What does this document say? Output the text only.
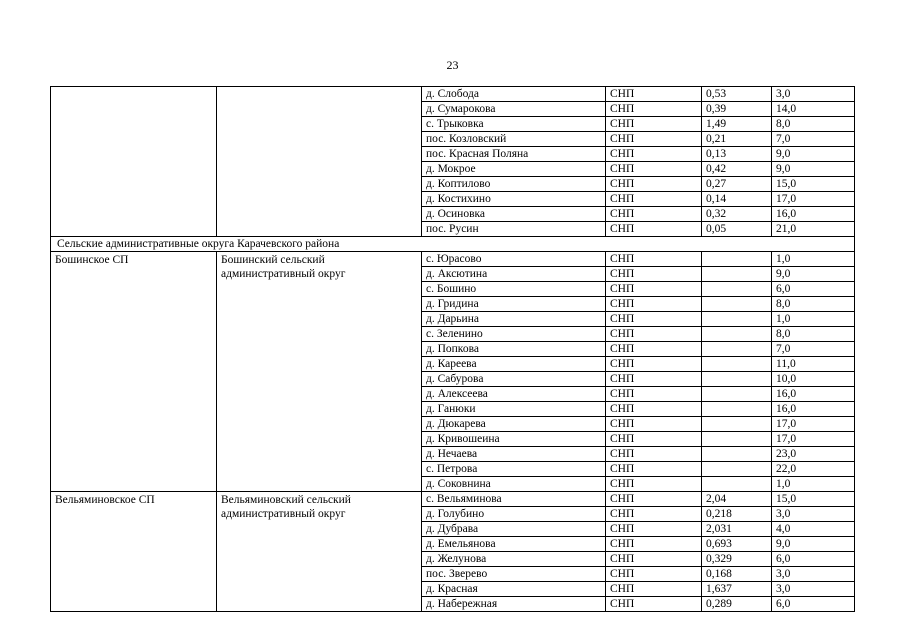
23
		д. Слобода	СНП	0,53	3,0
		д. Сумарокова	СНП	0,39	14,0
		с. Трыковка	СНП	1,49	8,0
		пос. Козловский	СНП	0,21	7,0
		пос. Красная Поляна	СНП	0,13	9,0
		д. Мокрое	СНП	0,42	9,0
		д. Коптилово	СНП	0,27	15,0
		д. Костихино	СНП	0,14	17,0
		д. Осиновка	СНП	0,32	16,0
		пос. Русин	СНП	0,05	21,0
Сельские административные округа Карачевского района					
Бошинское СП	Бошинский сельский административный округ	с. Юрасово	СНП		1,0
		д. Аксютина	СНП		9,0
		с. Бошино	СНП		6,0
		д. Гридина	СНП		8,0
		д. Дарьина	СНП		1,0
		с. Зеленино	СНП		8,0
		д. Попкова	СНП		7,0
		д. Кареева	СНП		11,0
		д. Сабурова	СНП		10,0
		д. Алексеева	СНП		16,0
		д. Ганюки	СНП		16,0
		д. Дюкарева	СНП		17,0
		д. Кривошеина	СНП		17,0
		д. Нечаева	СНП		23,0
		с. Петрова	СНП		22,0
		д. Соковнина	СНП		1,0
Вельяминовское СП	Вельяминовский сельский административный округ	с. Вельяминова	СНП	2,04	15,0
		д. Голубино	СНП	0,218	3,0
		д. Дубрава	СНП	2,031	4,0
		д. Емельянова	СНП	0,693	9,0
		д. Желунова	СНП	0,329	6,0
		пос. Зверево	СНП	0,168	3,0
		д. Красная	СНП	1,637	3,0
		д. Набережная	СНП	0,289	6,0
